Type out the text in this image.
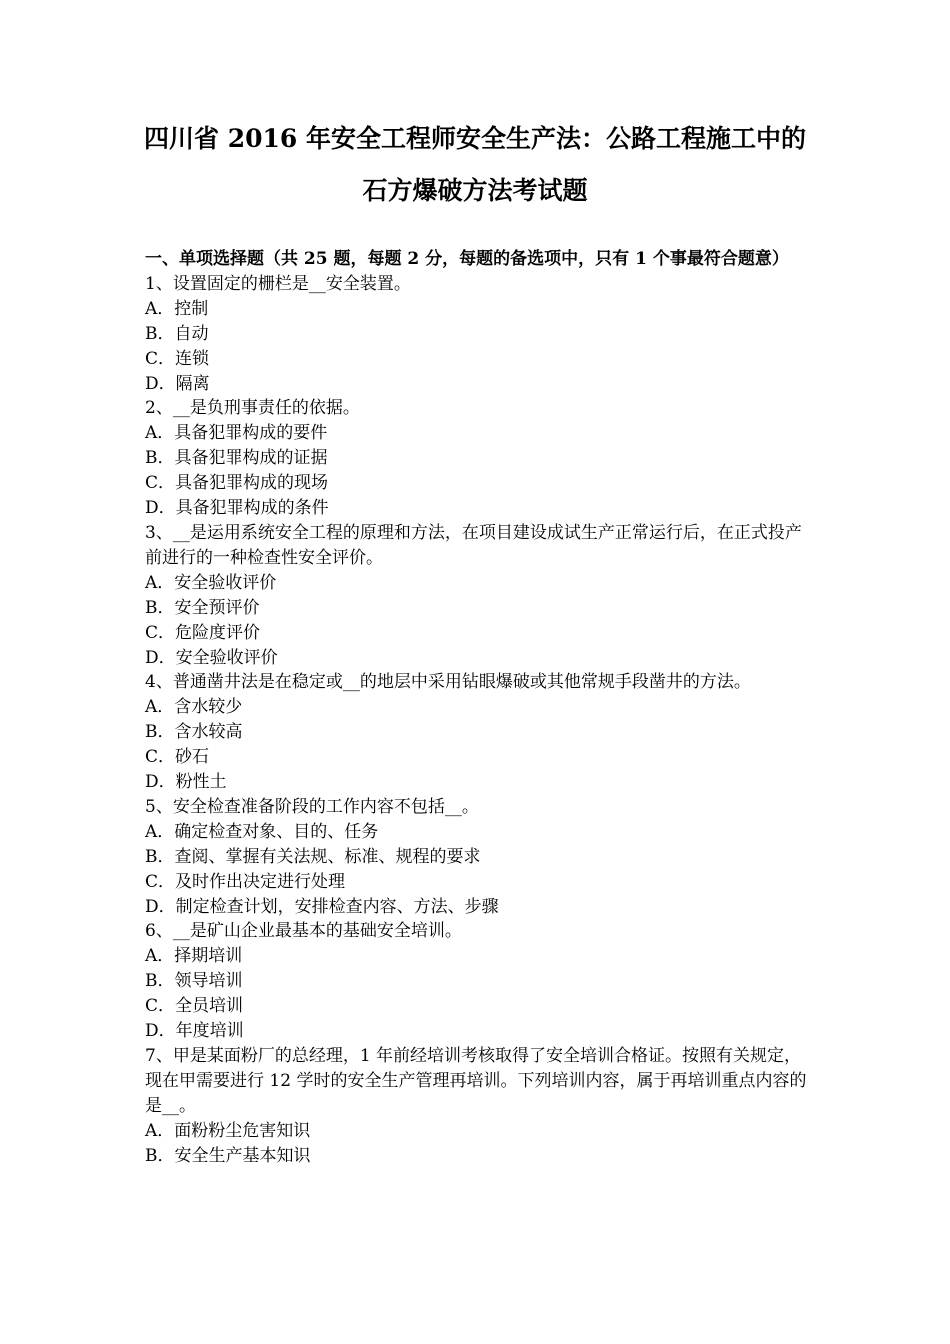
四川省 2016 年安全工程师安全生产法：公路工程施工中的
石方爆破方法考试题
一、单项选择题（共 25 题，每题 2 分，每题的备选项中，只有 1 个事最符合题意）
1、设置固定的栅栏是__安全装置。
A．控制
B．自动
C．连锁
D．隔离
2、__是负刑事责任的依据。
A．具备犯罪构成的要件
B．具备犯罪构成的证据
C．具备犯罪构成的现场
D．具备犯罪构成的条件
3、__是运用系统安全工程的原理和方法，在项目建设成试生产正常运行后，在正式投产前进行的一种检查性安全评价。
A．安全验收评价
B．安全预评价
C．危险度评价
D．安全验收评价
4、普通凿井法是在稳定或__的地层中采用钻眼爆破或其他常规手段凿井的方法。
A．含水较少
B．含水较高
C．砂石
D．粉性土
5、安全检查准备阶段的工作内容不包括__。
A．确定检查对象、目的、任务
B．查阅、掌握有关法规、标准、规程的要求
C．及时作出决定进行处理
D．制定检查计划，安排检查内容、方法、步骤
6、__是矿山企业最基本的基础安全培训。
A．择期培训
B．领导培训
C．全员培训
D．年度培训
7、甲是某面粉厂的总经理，1 年前经培训考核取得了安全培训合格证。按照有关规定，现在甲需要进行 12 学时的安全生产管理再培训。下列培训内容，属于再培训重点内容的是__。
A．面粉粉尘危害知识
B．安全生产基本知识
